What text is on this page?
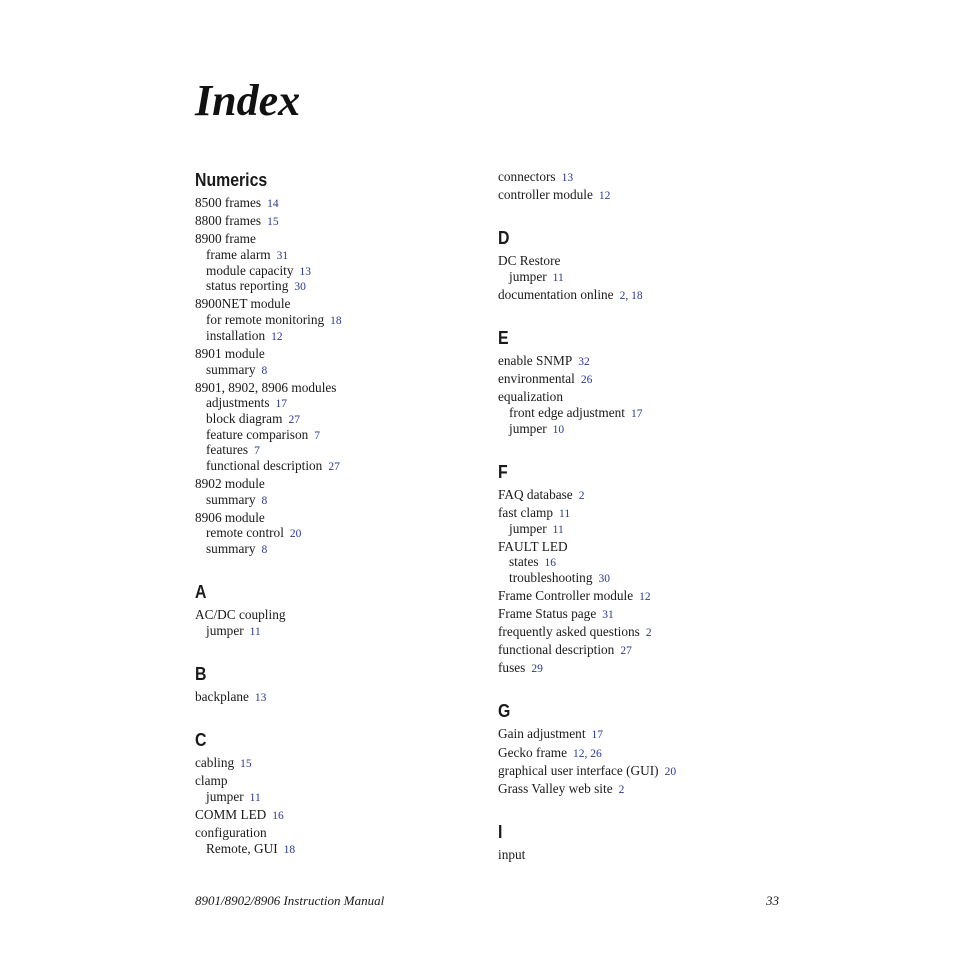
Index
Numerics
8500 frames 14
8800 frames 15
8900 frame
frame alarm 31
module capacity 13
status reporting 30
8900NET module
for remote monitoring 18
installation 12
8901 module
summary 8
8901, 8902, 8906 modules
adjustments 17
block diagram 27
feature comparison 7
features 7
functional description 27
8902 module
summary 8
8906 module
remote control 20
summary 8
A
AC/DC coupling
jumper 11
B
backplane 13
C
cabling 15
clamp
jumper 11
COMM LED 16
configuration
Remote, GUI 18
connectors 13
controller module 12
D
DC Restore
jumper 11
documentation online 2, 18
E
enable SNMP 32
environmental 26
equalization
front edge adjustment 17
jumper 10
F
FAQ database 2
fast clamp 11
jumper 11
FAULT LED
states 16
troubleshooting 30
Frame Controller module 12
Frame Status page 31
frequently asked questions 2
functional description 27
fuses 29
G
Gain adjustment 17
Gecko frame 12, 26
graphical user interface (GUI) 20
Grass Valley web site 2
I
input
8901/8902/8906 Instruction Manual	33
